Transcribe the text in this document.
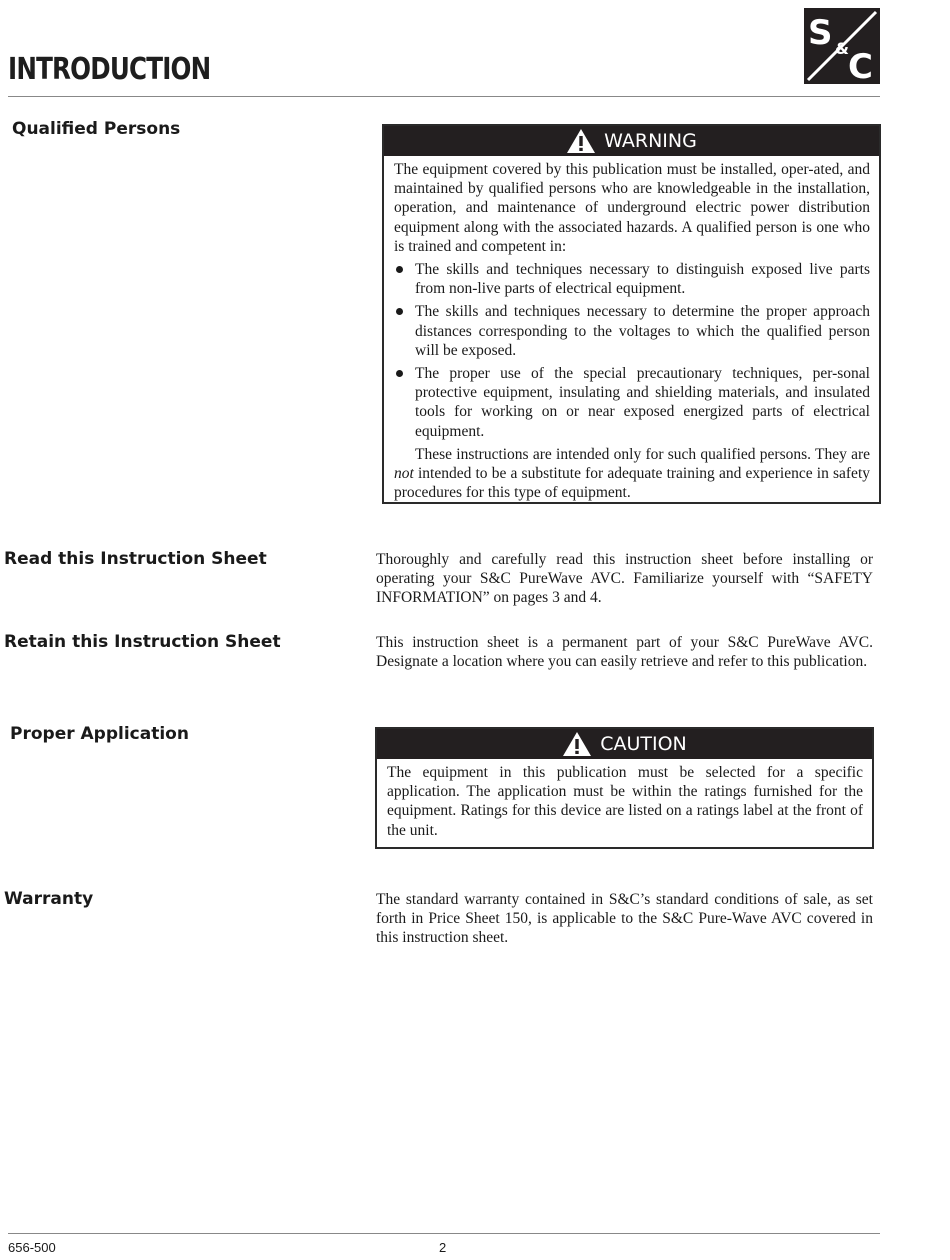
INTRODUCTION
S & C
Qualified Persons
WARNING

The equipment covered by this publication must be installed, oper-ated, and maintained by qualified persons who are knowledgeable in the installation, operation, and maintenance of underground electric power distribution equipment along with the associated hazards. A qualified person is one who is trained and competent in:

The skills and techniques necessary to distinguish exposed live parts from non-live parts of electrical equipment.
The skills and techniques necessary to determine the proper approach distances corresponding to the voltages to which the qualified person will be exposed.
The proper use of the special precautionary techniques, per-sonal protective equipment, insulating and shielding materials, and insulated tools for working on or near exposed energized parts of electrical equipment.

These instructions are intended only for such qualified persons. They are not intended to be a substitute for adequate training and experience in safety procedures for this type of equipment.

Read this Instruction Sheet	Thoroughly and carefully read this instruction sheet before installing or operating your S&C PureWave AVC. Familiarize yourself with “SAFETY INFORMATION” on pages 3 and 4.
Retain this Instruction Sheet	This instruction sheet is a permanent part of your S&C PureWave AVC. Designate a location where you can easily retrieve and refer to this publication.
Proper Application	CAUTION

The equipment in this publication must be selected for a specific application. The application must be within the ratings furnished for the equipment. Ratings for this device are listed on a ratings label at the front of the unit.

Warranty	The standard warranty contained in S&C’s standard conditions of sale, as set forth in Price Sheet 150, is applicable to the S&C Pure-Wave AVC covered in this instruction sheet.
656-500	2
